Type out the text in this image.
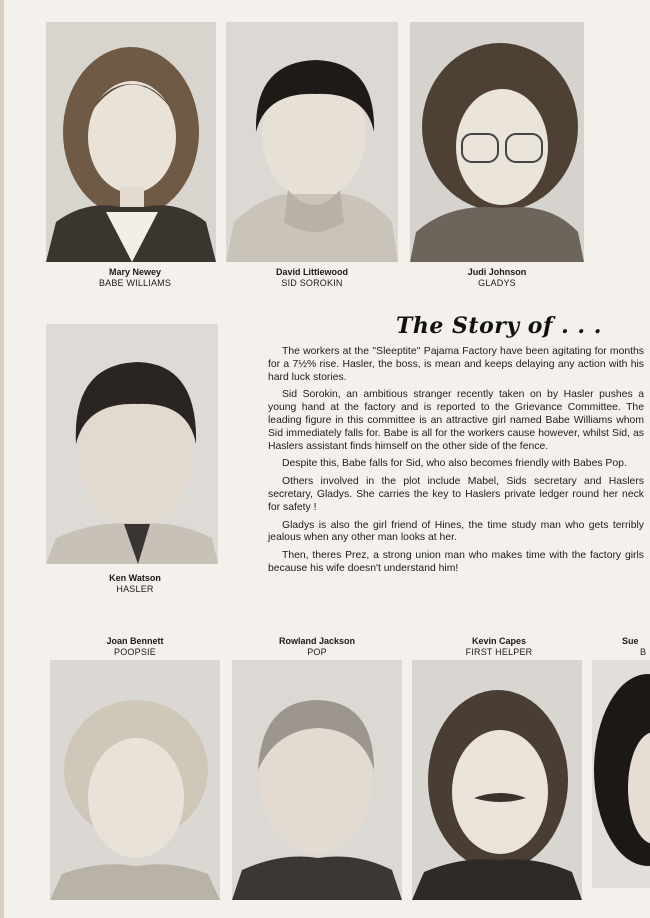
Mary Newey
BABE WILLIAMS
David Littlewood
SID SOROKIN
Judi Johnson
GLADYS
Ken Watson
HASLER
The Story of . . .

The workers at the ''Sleeptite'' Pajama Factory have been agitating for months for a 7½% rise. Hasler, the boss, is mean and keeps delaying any action with his hard luck stories.

Sid Sorokin, an ambitious stranger recently taken on by Hasler pushes a young hand at the factory and is reported to the Grievance Committee. The leading figure in this committee is an attractive girl named Babe Williams whom Sid immediately falls for. Babe is all for the workers cause however, whilst Sid, as Haslers assistant finds himself on the other side of the fence.

Despite this, Babe falls for Sid, who also becomes friendly with Babes Pop.

Others involved in the plot include Mabel, Sids secretary and Haslers secretary, Gladys. She carries the key to Haslers private ledger round her neck for safety !

Gladys is also the girl friend of Hines, the time study man who gets terribly jealous when any other man looks at her.

Then, theres Prez, a strong union man who makes time with the factory girls because his wife doesn't understand him!

Joan Bennett
POOPSIE
Rowland Jackson
POP
Kevin Capes
FIRST HELPER
Sue
B
